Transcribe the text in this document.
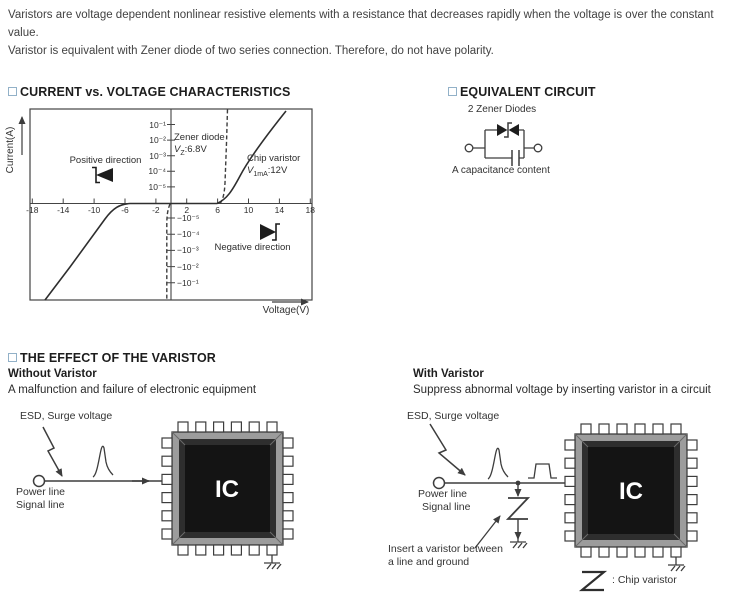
Varistors are voltage dependent nonlinear resistive elements with a resistance that decreases rapidly when the voltage is over the constant
value.
Varistor is equivalent with Zener diode of two series connection. Therefore, do not have polarity.
CURRENT vs. VOLTAGE CHARACTERISTICS	EQUIVALENT CIRCUIT
Current(A)
Voltage(V)
-18	-14	-10	-6	-2	2	6	10	14	18
10⁻¹
10⁻²
10⁻³
10⁻⁴
10⁻⁵
−10⁻⁵
−10⁻⁴
−10⁻³
−10⁻²
−10⁻¹
Zener diode
$V_Z:6.8V$
Chip varistor
$V_{1mA}:12V$
Positive direction
Negative direction
2 Zener Diodes
A capacitance content
THE EFFECT OF THE VARISTOR
Without Varistor
A malfunction and failure of electronic equipment
With Varistor
Suppress abnormal voltage by inserting varistor in a circuit
ESD, Surge voltage
Power line
Signal line
ESD, Surge voltage
Power line
Signal line
Insert a varistor between
a line and ground
: Chip varistor
IC	IC
